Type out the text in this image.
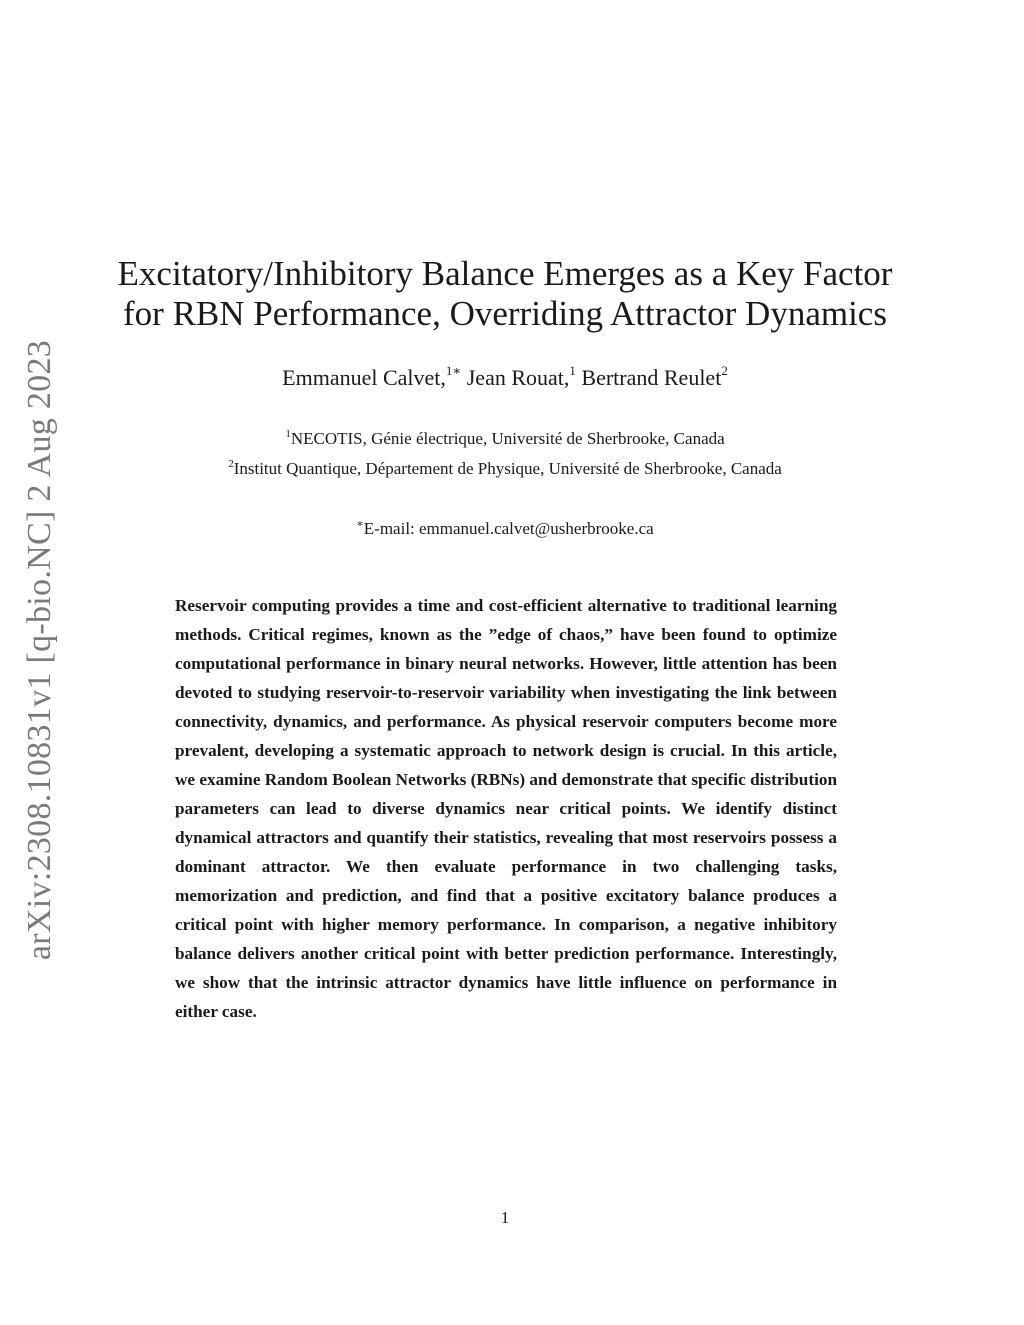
arXiv:2308.10831v1 [q-bio.NC] 2 Aug 2023
Excitatory/Inhibitory Balance Emerges as a Key Factor
for RBN Performance, Overriding Attractor Dynamics
Emmanuel Calvet,$^{1∗}$ Jean Rouat,$^1$ Bertrand Reulet$^2$
$^1$NECOTIS, Génie électrique, Université de Sherbrooke, Canada
$^2$Institut Quantique, Département de Physique, Université de Sherbrooke, Canada
∗E-mail: emmanuel.calvet@usherbrooke.ca

Reservoir computing provides a time and cost-efficient alternative to traditional learning methods. Critical regimes, known as the ”edge of chaos,” have been found to optimize computational performance in binary neural networks. However, little attention has been devoted to studying reservoir-to-reservoir variability when investigating the link between connectivity, dynamics, and performance. As physical reservoir computers become more prevalent, developing a systematic approach to network design is crucial. In this article, we examine Random Boolean Networks (RBNs) and demonstrate that specific distribution parameters can lead to diverse dynamics near critical points. We identify distinct dynamical attractors and quantify their statistics, revealing that most reservoirs possess a dominant attractor. We then evaluate performance in two challenging tasks, memorization and prediction, and find that a positive excitatory balance produces a critical point with higher memory performance. In comparison, a negative inhibitory balance delivers another critical point with better prediction performance. Interestingly, we show that the intrinsic attractor dynamics have little influence on performance in either case.

1
